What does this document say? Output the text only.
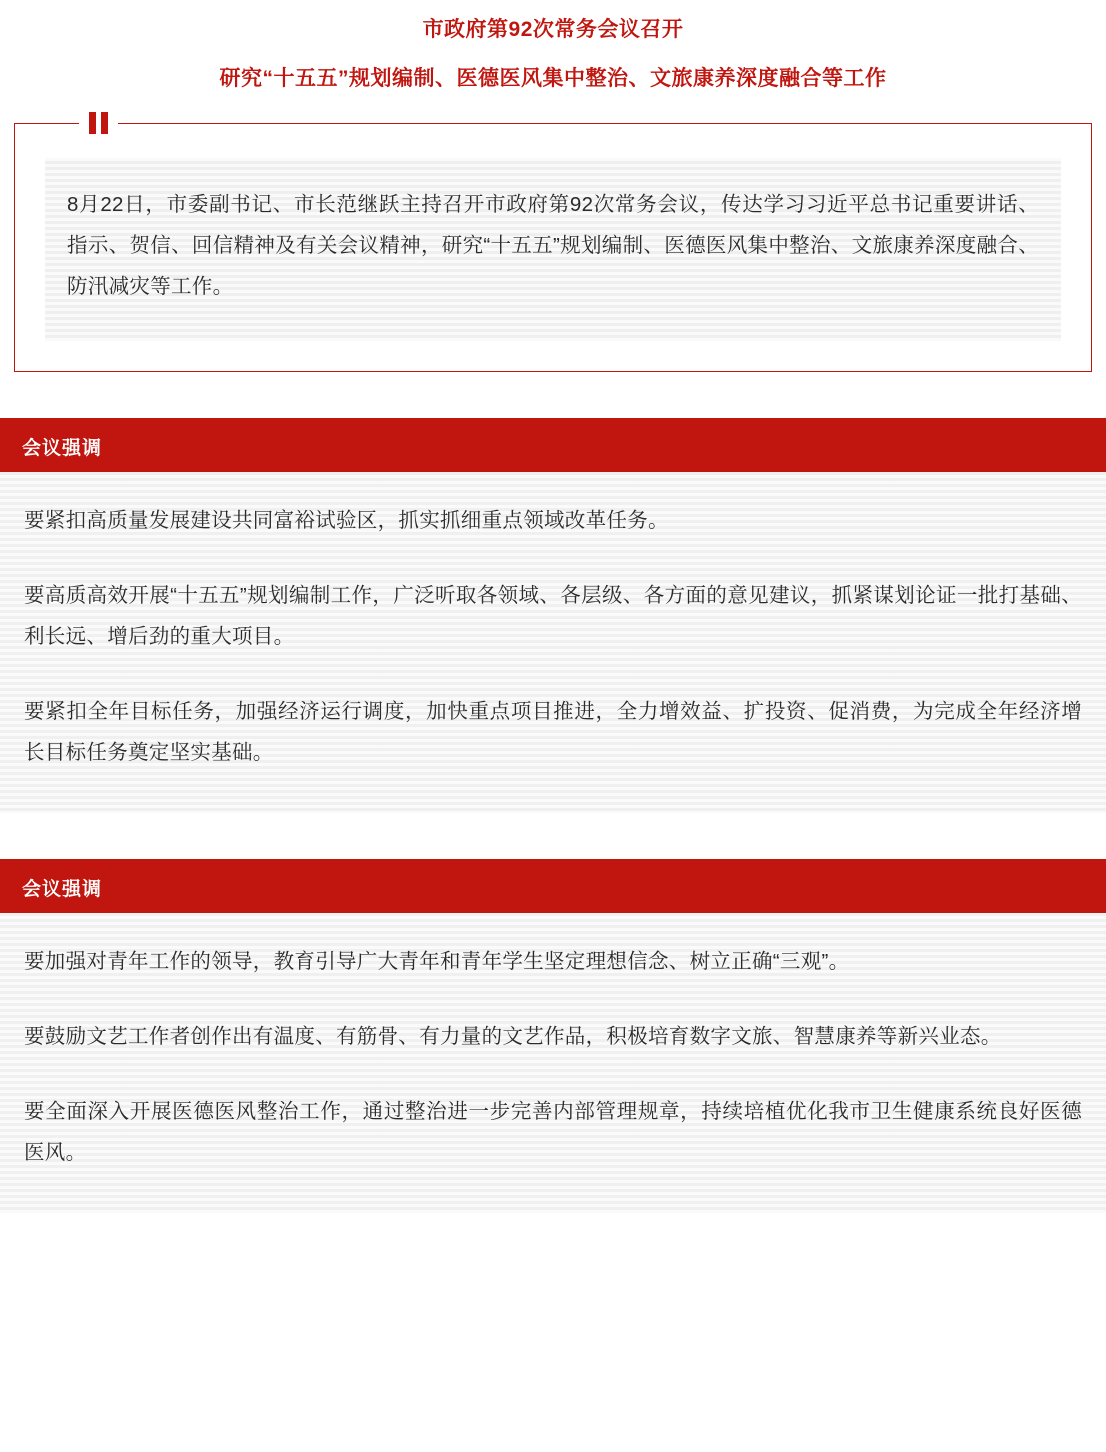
市政府第92次常务会议召开
研究“十五五”规划编制、医德医风集中整治、文旅康养深度融合等工作
8月22日，市委副书记、市长范继跃主持召开市政府第92次常务会议，传达学习习近平总书记重要讲话、指示、贺信、回信精神及有关会议精神，研究“十五五”规划编制、医德医风集中整治、文旅康养深度融合、防汛减灾等工作。
会议强调

要紧扣高质量发展建设共同富裕试验区，抓实抓细重点领域改革任务。

要高质高效开展“十五五”规划编制工作，广泛听取各领域、各层级、各方面的意见建议，抓紧谋划论证一批打基础、利长远、增后劲的重大项目。

要紧扣全年目标任务，加强经济运行调度，加快重点项目推进，全力增效益、扩投资、促消费，为完成全年经济增长目标任务奠定坚实基础。

会议强调

要加强对青年工作的领导，教育引导广大青年和青年学生坚定理想信念、树立正确“三观”。

要鼓励文艺工作者创作出有温度、有筋骨、有力量的文艺作品，积极培育数字文旅、智慧康养等新兴业态。

要全面深入开展医德医风整治工作，通过整治进一步完善内部管理规章，持续培植优化我市卫生健康系统良好医德医风。
